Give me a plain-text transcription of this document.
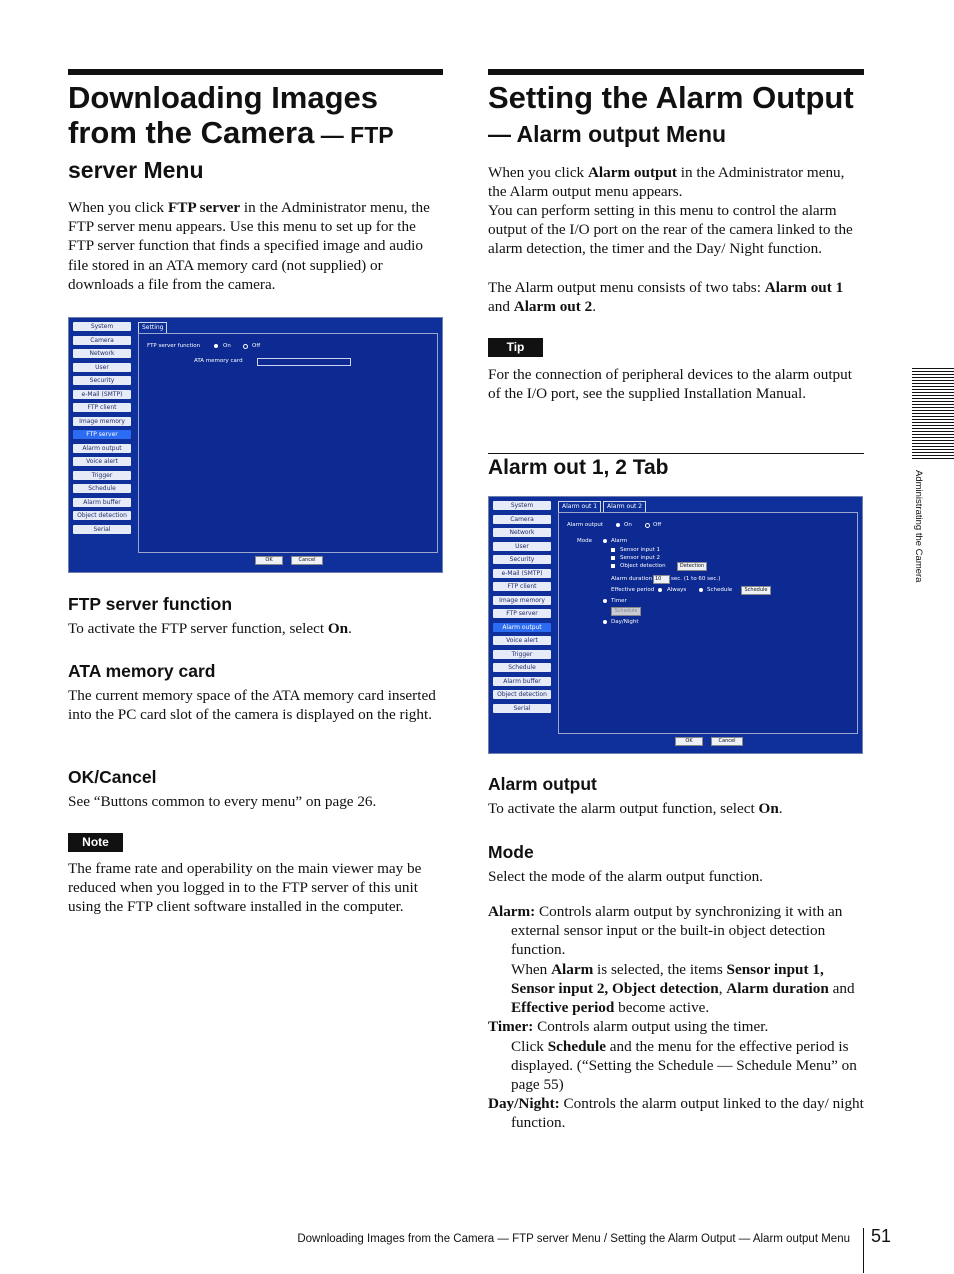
Downloading Images
from the Camera — FTP
server Menu

When you click FTP server in the Administrator menu, the FTP server menu appears. Use this menu to set up for the FTP server function that finds a specified image and audio file stored in an ATA memory card (not supplied) or downloads a file from the camera.

System
Camera
Network
User
Security
e-Mail (SMTP)
FTP client
Image memory
FTP server
Alarm output
Voice alert
Trigger
Schedule
Alarm buffer
Object detection
Serial
Setting
FTP server function	On	Off
ATA memory card
OK	Cancel
FTP server function

To activate the FTP server function, select On.

ATA memory card

The current memory space of the ATA memory card inserted into the PC card slot of the camera is displayed on the right.

OK/Cancel

See “Buttons common to every menu” on page 26.

Note

The frame rate and operability on the main viewer may be reduced when you logged in to the FTP server of this unit using the FTP client software installed in the computer.

Setting the Alarm Output
— Alarm output Menu

When you click Alarm output in the Administrator menu, the Alarm output menu appears.

You can perform setting in this menu to control the alarm output of the I/O port on the rear of the camera linked to the alarm detection, the timer and the Day/ Night function.

The Alarm output menu consists of two tabs: Alarm out 1 and Alarm out 2.

Tip

For the connection of peripheral devices to the alarm output of the I/O port, see the supplied Installation Manual.

Alarm out 1, 2 Tab
System
Camera
Network
User
Security
e-Mail (SMTP)
FTP client
Image memory
FTP server
Alarm output
Voice alert
Trigger
Schedule
Alarm buffer
Object detection
Serial
Alarm out 1	Alarm out 2
Alarm output	On	Off
Mode	Alarm
Sensor input 1
Sensor input 2
Object detection	Detection
Alarm duration 10	sec. (1 to 60 sec.)
Effective period Always	Schedule	Schedule
Timer
Schedule
Day/Night
OK	Cancel
Alarm output

To activate the alarm output function, select On.

Mode

Select the mode of the alarm output function.

Alarm: Controls alarm output by synchronizing it with an external sensor input or the built-in object detection function.

When Alarm is selected, the items Sensor input 1, Sensor input 2, Object detection, Alarm duration and Effective period become active.

Timer: Controls alarm output using the timer.

Click Schedule and the menu for the effective period is displayed. (“Setting the Schedule — Schedule Menu” on page 55)

Day/Night: Controls the alarm output linked to the day/ night function.

Administrating the Camera
Downloading Images from the Camera — FTP server Menu / Setting the Alarm Output — Alarm output Menu 51
